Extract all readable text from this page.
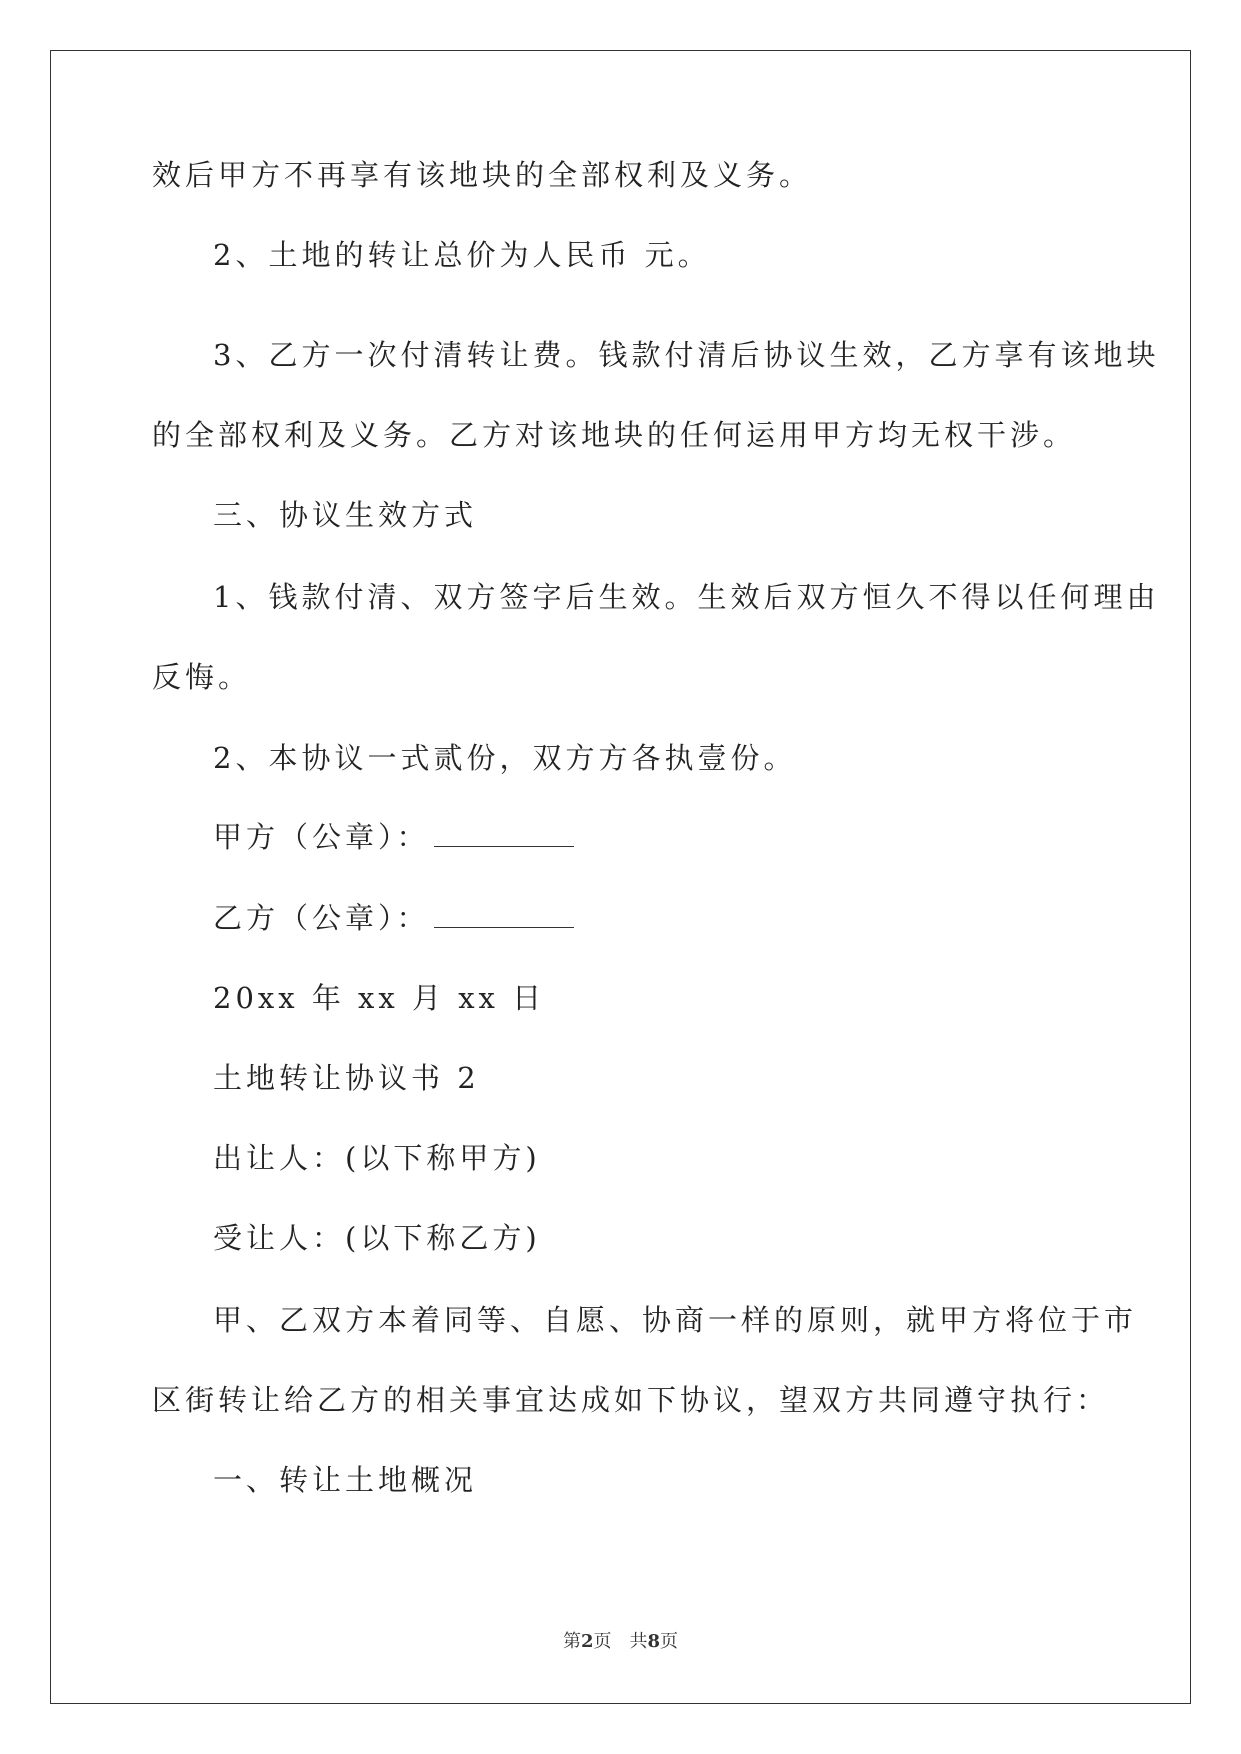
效后甲方不再享有该地块的全部权利及义务。
2、土地的转让总价为人民币 元。
3、乙方一次付清转让费。钱款付清后协议生效，乙方享有该地块
的全部权利及义务。乙方对该地块的任何运用甲方均无权干涉。
三、协议生效方式
1、钱款付清、双方签字后生效。生效后双方恒久不得以任何理由
反悔。
2、本协议一式贰份，双方方各执壹份。
甲方（公章）：
乙方（公章）：
20xx 年 xx 月 xx 日
土地转让协议书 2
出让人：(以下称甲方)
受让人：(以下称乙方)
甲、乙双方本着同等、自愿、协商一样的原则，就甲方将位于市
区街转让给乙方的相关事宜达成如下协议，望双方共同遵守执行：
一、转让土地概况
第2页　共8页
